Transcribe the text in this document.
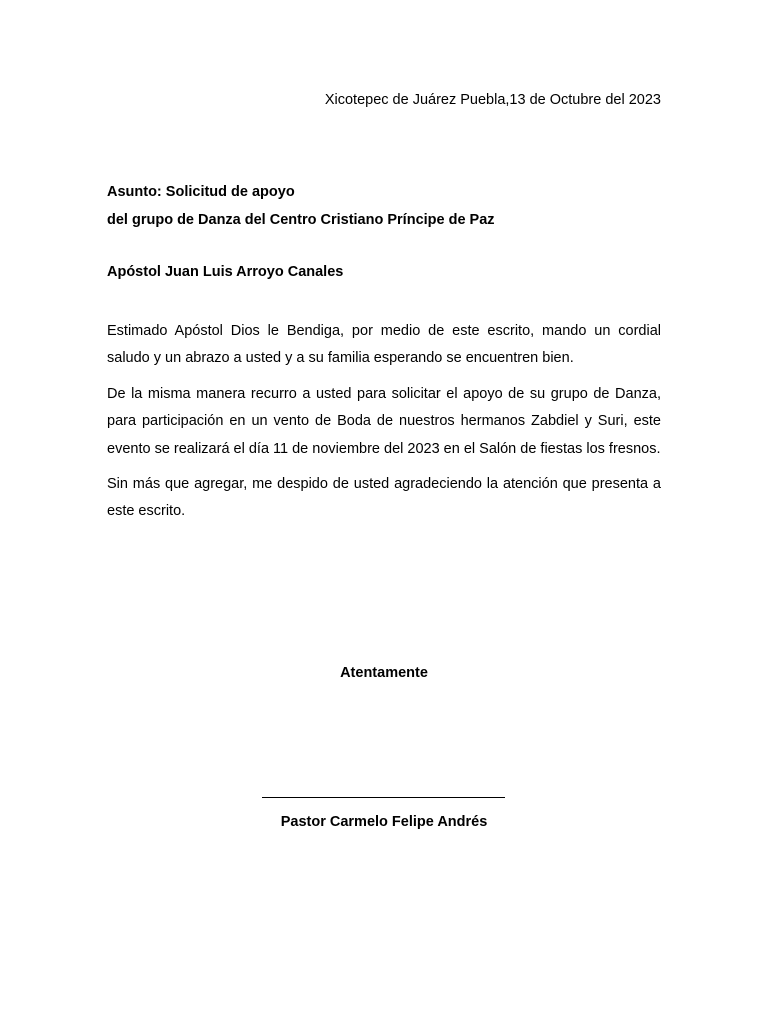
Xicotepec de Juárez Puebla,13 de Octubre del 2023
Asunto: Solicitud de apoyo
del grupo de Danza del Centro Cristiano Príncipe de Paz
Apóstol Juan Luis Arroyo Canales

Estimado Apóstol Dios le Bendiga, por medio de este escrito, mando un cordial saludo y un abrazo a usted y a su familia esperando se encuentren bien.

De la misma manera recurro a usted para solicitar el apoyo de su grupo de Danza, para participación en un vento de Boda de nuestros hermanos Zabdiel y Suri, este evento se realizará el día 11 de noviembre del 2023 en el Salón de fiestas los fresnos.

Sin más que agregar, me despido de usted agradeciendo la atención que presenta a este escrito.

Atentamente
Pastor Carmelo Felipe Andrés
